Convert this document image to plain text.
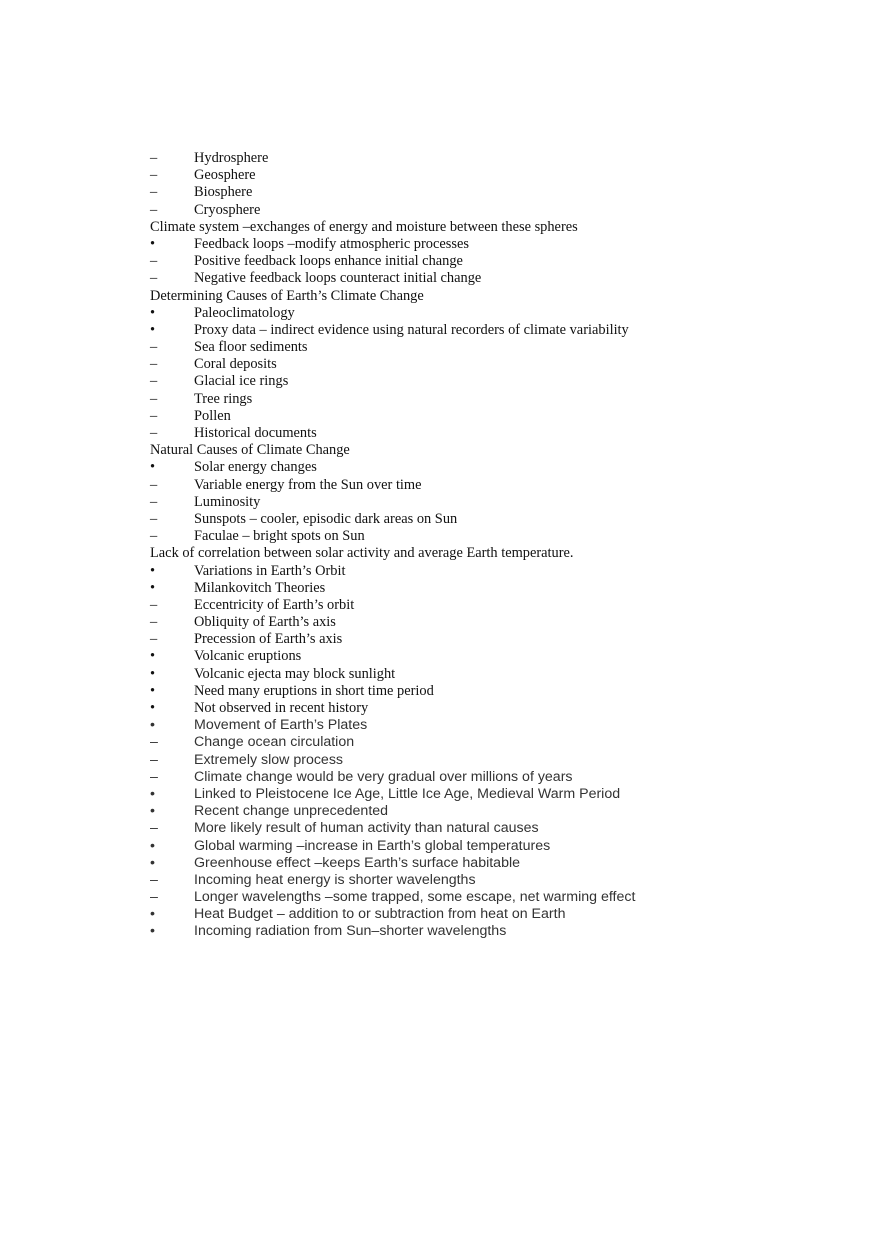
–	Hydrosphere
–	Geosphere
–	Biosphere
–	Cryosphere
Climate system –exchanges of energy and moisture between these spheres
•	Feedback loops –modify atmospheric processes
–	Positive feedback loops enhance initial change
–	Negative feedback loops counteract initial change
Determining Causes of Earth’s Climate Change
•	Paleoclimatology
•	Proxy data – indirect evidence using natural recorders of climate variability
–	Sea floor sediments
–	Coral deposits
–	Glacial ice rings
–	Tree rings
–	Pollen
–	Historical documents
Natural Causes of Climate Change
•	Solar energy changes
–	Variable energy from the Sun over time
–	Luminosity
–	Sunspots – cooler, episodic dark areas on Sun
–	Faculae – bright spots on Sun
Lack of correlation between solar activity and average Earth temperature.
•	Variations in Earth’s Orbit
•	Milankovitch Theories
–	Eccentricity of Earth’s orbit
–	Obliquity of Earth’s axis
–	Precession of Earth’s axis
•	Volcanic eruptions
•	Volcanic ejecta may block sunlight
•	Need many eruptions in short time period
•	Not observed in recent history
•	Movement of Earth’s Plates
–	Change ocean circulation
–	Extremely slow process
–	Climate change would be very gradual over millions of years
•	Linked to Pleistocene Ice Age, Little Ice Age, Medieval Warm Period
•	Recent change unprecedented
–	More likely result of human activity than natural causes
•	Global warming –increase in Earth’s global temperatures
•	Greenhouse effect –keeps Earth’s surface habitable
–	Incoming heat energy is shorter wavelengths
–	Longer wavelengths –some trapped, some escape, net warming effect
•	Heat Budget – addition to or subtraction from heat on Earth
•	Incoming radiation from Sun–shorter wavelengths
